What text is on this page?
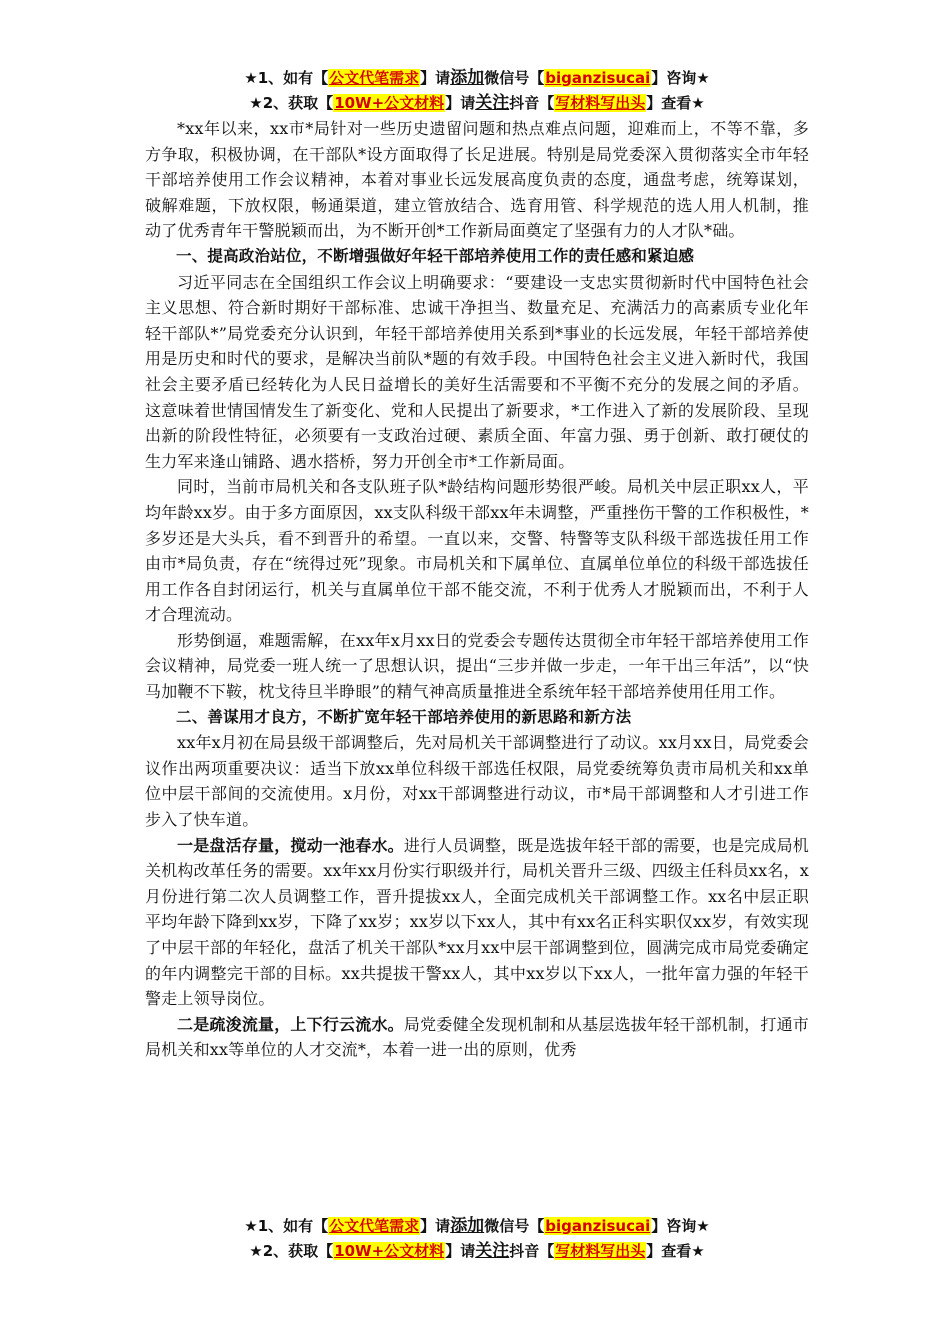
★1、如有【公文代笔需求】请添加微信号【biganzisucai】咨询★
★2、获取【10W+公文材料】请关注抖音【写材料写出头】查看★

*xx年以来，xx市*局针对一些历史遗留问题和热点难点问题，迎难而上，不等不靠，多方争取，积极协调，在干部队*设方面取得了长足进展。特别是局党委深入贯彻落实全市年轻干部培养使用工作会议精神，本着对事业长远发展高度负责的态度，通盘考虑，统筹谋划，破解难题，下放权限，畅通渠道，建立管放结合、选育用管、科学规范的选人用人机制，推动了优秀青年干警脱颖而出，为不断开创*工作新局面奠定了坚强有力的人才队*础。

一、提高政治站位，不断增强做好年轻干部培养使用工作的责任感和紧迫感

习近平同志在全国组织工作会议上明确要求：“要建设一支忠实贯彻新时代中国特色社会主义思想、符合新时期好干部标准、忠诚干净担当、数量充足、充满活力的高素质专业化年轻干部队*”局党委充分认识到，年轻干部培养使用关系到*事业的长远发展，年轻干部培养使用是历史和时代的要求，是解决当前队*题的有效手段。中国特色社会主义进入新时代，我国社会主要矛盾已经转化为人民日益增长的美好生活需要和不平衡不充分的发展之间的矛盾。这意味着世情国情发生了新变化、党和人民提出了新要求，*工作进入了新的发展阶段、呈现出新的阶段性特征，必须要有一支政治过硬、素质全面、年富力强、勇于创新、敢打硬仗的生力军来逢山铺路、遇水搭桥，努力开创全市*工作新局面。

同时，当前市局机关和各支队班子队*龄结构问题形势很严峻。局机关中层正职xx人，平均年龄xx岁。由于多方面原因，xx支队科级干部xx年未调整，严重挫伤干警的工作积极性，*多岁还是大头兵，看不到晋升的希望。一直以来，交警、特警等支队科级干部选拔任用工作由市*局负责，存在“统得过死”现象。市局机关和下属单位、直属单位单位的科级干部选拔任用工作各自封闭运行，机关与直属单位干部不能交流，不利于优秀人才脱颖而出，不利于人才合理流动。

形势倒逼，难题需解，在xx年x月xx日的党委会专题传达贯彻全市年轻干部培养使用工作会议精神，局党委一班人统一了思想认识，提出“三步并做一步走，一年干出三年活”，以“快马加鞭不下鞍，枕戈待旦半睁眼”的精气神高质量推进全系统年轻干部培养使用任用工作。

二、善谋用才良方，不断扩宽年轻干部培养使用的新思路和新方法

xx年x月初在局县级干部调整后，先对局机关干部调整进行了动议。xx月xx日，局党委会议作出两项重要决议：适当下放xx单位科级干部选任权限，局党委统筹负责市局机关和xx单位中层干部间的交流使用。x月份，对xx干部调整进行动议，市*局干部调整和人才引进工作步入了快车道。

一是盘活存量，搅动一池春水。进行人员调整，既是选拔年轻干部的需要，也是完成局机关机构改革任务的需要。xx年xx月份实行职级并行，局机关晋升三级、四级主任科员xx名，x月份进行第二次人员调整工作，晋升提拔xx人，全面完成机关干部调整工作。xx名中层正职平均年龄下降到xx岁，下降了xx岁；xx岁以下xx人，其中有xx名正科实职仅xx岁，有效实现了中层干部的年轻化，盘活了机关干部队*xx月xx中层干部调整到位，圆满完成市局党委确定的年内调整完干部的目标。xx共提拔干警xx人，其中xx岁以下xx人，一批年富力强的年轻干警走上领导岗位。

二是疏浚流量，上下行云流水。局党委健全发现机制和从基层选拔年轻干部机制，打通市局机关和xx等单位的人才交流*，本着一进一出的原则，优秀

★1、如有【公文代笔需求】请添加微信号【biganzisucai】咨询★
★2、获取【10W+公文材料】请关注抖音【写材料写出头】查看★
